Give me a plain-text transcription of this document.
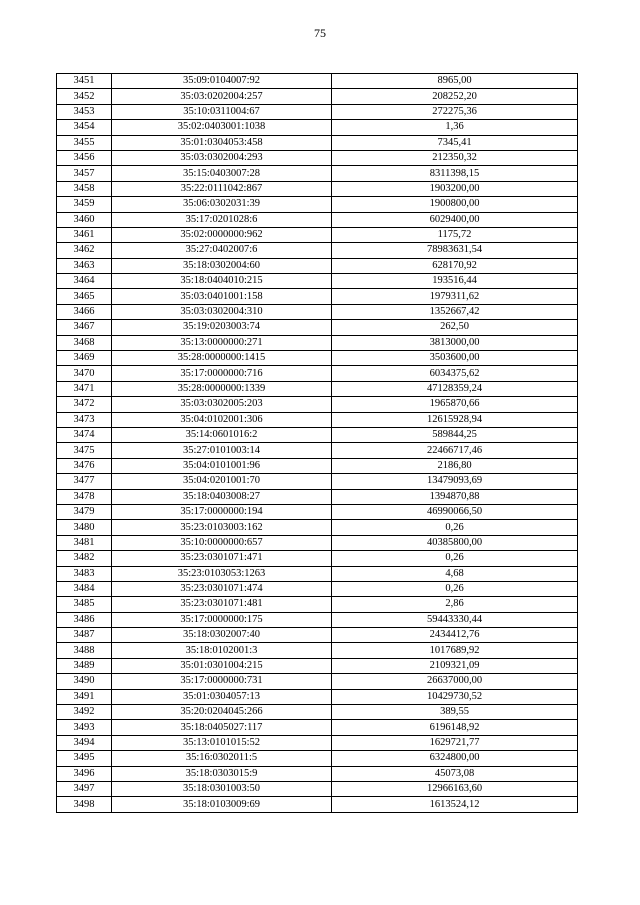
75
3451	35:09:0104007:92	8965,00
3452	35:03:0202004:257	208252,20
3453	35:10:0311004:67	272275,36
3454	35:02:0403001:1038	1,36
3455	35:01:0304053:458	7345,41
3456	35:03:0302004:293	212350,32
3457	35:15:0403007:28	8311398,15
3458	35:22:0111042:867	1903200,00
3459	35:06:0302031:39	1900800,00
3460	35:17:0201028:6	6029400,00
3461	35:02:0000000:962	1175,72
3462	35:27:0402007:6	78983631,54
3463	35:18:0302004:60	628170,92
3464	35:18:0404010:215	193516,44
3465	35:03:0401001:158	1979311,62
3466	35:03:0302004:310	1352667,42
3467	35:19:0203003:74	262,50
3468	35:13:0000000:271	3813000,00
3469	35:28:0000000:1415	3503600,00
3470	35:17:0000000:716	6034375,62
3471	35:28:0000000:1339	47128359,24
3472	35:03:0302005:203	1965870,66
3473	35:04:0102001:306	12615928,94
3474	35:14:0601016:2	589844,25
3475	35:27:0101003:14	22466717,46
3476	35:04:0101001:96	2186,80
3477	35:04:0201001:70	13479093,69
3478	35:18:0403008:27	1394870,88
3479	35:17:0000000:194	46990066,50
3480	35:23:0103003:162	0,26
3481	35:10:0000000:657	40385800,00
3482	35:23:0301071:471	0,26
3483	35:23:0103053:1263	4,68
3484	35:23:0301071:474	0,26
3485	35:23:0301071:481	2,86
3486	35:17:0000000:175	59443330,44
3487	35:18:0302007:40	2434412,76
3488	35:18:0102001:3	1017689,92
3489	35:01:0301004:215	2109321,09
3490	35:17:0000000:731	26637000,00
3491	35:01:0304057:13	10429730,52
3492	35:20:0204045:266	389,55
3493	35:18:0405027:117	6196148,92
3494	35:13:0101015:52	1629721,77
3495	35:16:0302011:5	6324800,00
3496	35:18:0303015:9	45073,08
3497	35:18:0301003:50	12966163,60
3498	35:18:0103009:69	1613524,12
